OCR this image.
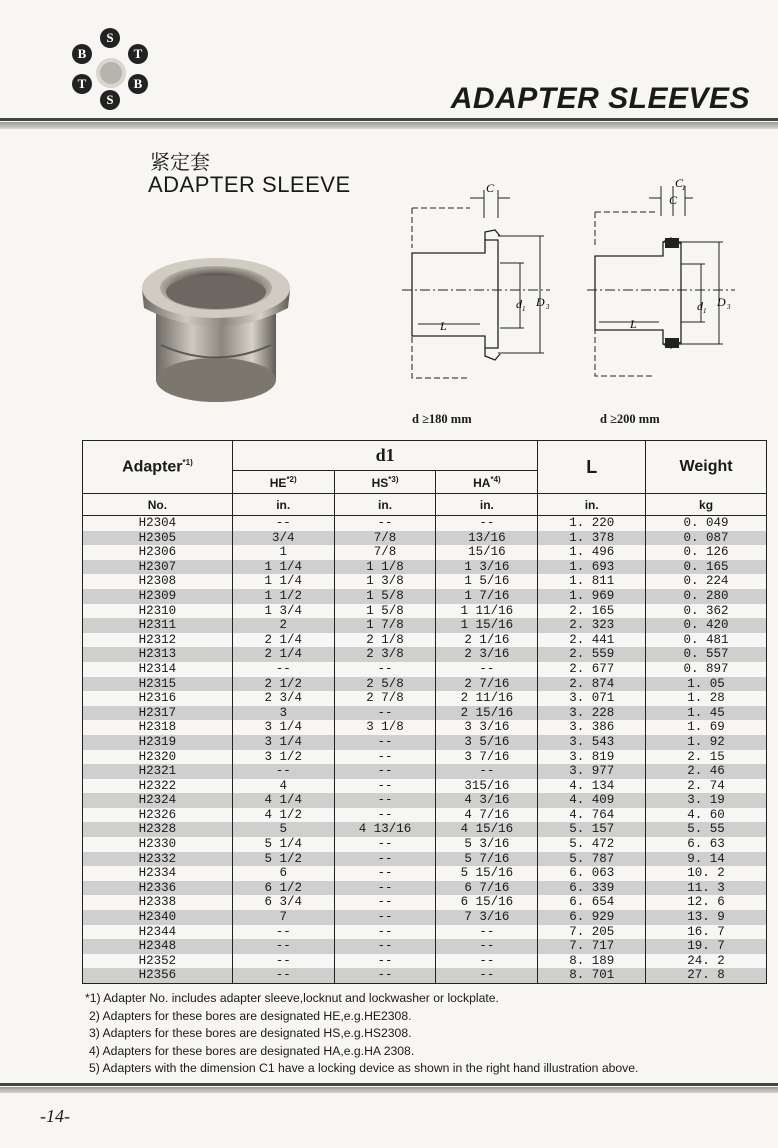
B
S
T
T	B
S	ADAPTER SLEEVES
紧定套
ADAPTER SLEEVE	C
L
d 1 D 3
d ≥180 mm
C
1
C
L
d 1
D 3
d ≥200 mm
Adapter$^{*1)}$	d1			L	Weight
	HE$^{*2)}$	HS$^{*3)}$	HA$^{*4)}$
No.	in.	in.	in.	in.	kg
H2304	--	--	--	1. 220	0. 049
H2305	3/4	7/8	13/16	1. 378	0. 087
H2306	1	7/8	15/16	1. 496	0. 126
H2307	1 1/4	1 1/8	1 3/16	1. 693	0. 165
H2308	1 1/4	1 3/8	1 5/16	1. 811	0. 224
H2309	1 1/2	1 5/8	1 7/16	1. 969	0. 280
H2310	1 3/4	1 5/8	1 11/16	2. 165	0. 362
H2311	2	1 7/8	1 15/16	2. 323	0. 420
H2312	2 1/4	2 1/8	2 1/16	2. 441	0. 481
H2313	2 1/4	2 3/8	2 3/16	2. 559	0. 557
H2314	--	--	--	2. 677	0. 897
H2315	2 1/2	2 5/8	2 7/16	2. 874	1. 05
H2316	2 3/4	2 7/8	2 11/16	3. 071	1. 28
H2317	3	--	2 15/16	3. 228	1. 45
H2318	3 1/4	3 1/8	3 3/16	3. 386	1. 69
H2319	3 1/4	--	3 5/16	3. 543	1. 92
H2320	3 1/2	--	3 7/16	3. 819	2. 15
H2321	--	--	--	3. 977	2. 46
H2322	4	--	315/16	4. 134	2. 74
H2324	4 1/4	--	4 3/16	4. 409	3. 19
H2326	4 1/2	--	4 7/16	4. 764	4. 60
H2328	5	4 13/16	4 15/16	5. 157	5. 55
H2330	5 1/4	--	5 3/16	5. 472	6. 63
H2332	5 1/2	--	5 7/16	5. 787	9. 14
H2334	6	--	5 15/16	6. 063	10. 2
H2336	6 1/2	--	6 7/16	6. 339	11. 3
H2338	6 3/4	--	6 15/16	6. 654	12. 6
H2340	7	--	7 3/16	6. 929	13. 9
H2344	--	--	--	7. 205	16. 7
H2348	--	--	--	7. 717	19. 7
H2352	--	--	--	8. 189	24. 2
H2356	--	--	--	8. 701	27. 8
*1) Adapter No. includes adapter sleeve,locknut and lockwasher or lockplate.
2) Adapters for these bores are designated HE,e.g.HE2308.
3) Adapters for these bores are designated HS,e.g.HS2308.
4) Adapters for these bores are designated HA,e.g.HA 2308.
5) Adapters with the dimension C1 have a locking device as shown in the right hand illustration above.
-14-
